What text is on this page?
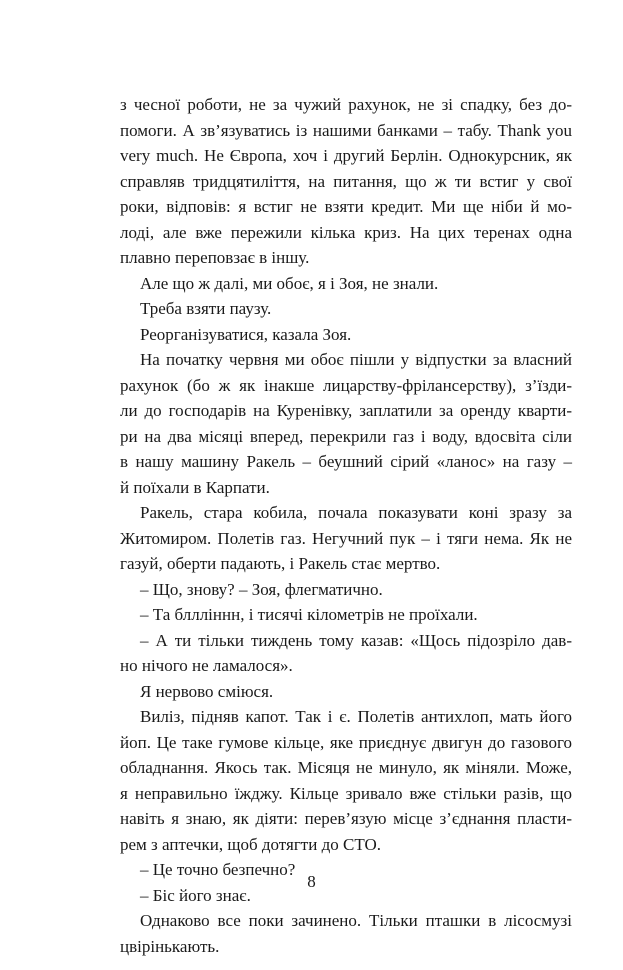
з чесної роботи, не за чужий рахунок, не зі спадку, без до-
помоги. А зв’язуватись із нашими банками – табу. Thank you
very much. Не Європа, хоч і другий Берлін. Однокурсник, як
справляв тридцятиліття, на питання, що ж ти встиг у свої
роки, відповів: я встиг не взяти кредит. Ми ще ніби й мо-
лоді, але вже пережили кілька криз. На цих теренах одна
плавно переповзає в іншу.
Але що ж далі, ми обоє, я і Зоя, не знали.
Треба взяти паузу.
Реорганізуватися, казала Зоя.
На початку червня ми обоє пішли у відпустки за власний
рахунок (бо ж як інакше лицарству-фрілансерству), з’їзди-
ли до господарів на Куренівку, заплатили за оренду кварти-
ри на два місяці вперед, перекрили газ і воду, вдосвіта сіли
в нашу машину Ракель – беушний сірий «ланос» на газу –
й поїхали в Карпати.
Ракель, стара кобила, почала показувати коні зразу за
Житомиром. Полетів газ. Негучний пук – і тяги нема. Як не
газуй, оберти падають, і Ракель стає мертво.
– Що, знову? – Зоя, флегматично.
– Та бллліннн, і тисячі кілометрів не проїхали.
– А ти тільки тиждень тому казав: «Щось підозріло дав-
но нічого не ламалося».
Я нервово сміюся.
Виліз, підняв капот. Так і є. Полетів антихлоп, мать його
йоп. Це таке гумове кільце, яке приєднує двигун до газового
обладнання. Якось так. Місяця не минуло, як міняли. Може,
я неправильно їжджу. Кільце зривало вже стільки разів, що
навіть я знаю, як діяти: перев’язую місце з’єднання пласти-
рем з аптечки, щоб дотягти до СТО.
– Це точно безпечно?
– Біс його знає.
Однаково все поки зачинено. Тільки пташки в лісосмузі
цвірінькають.
8
